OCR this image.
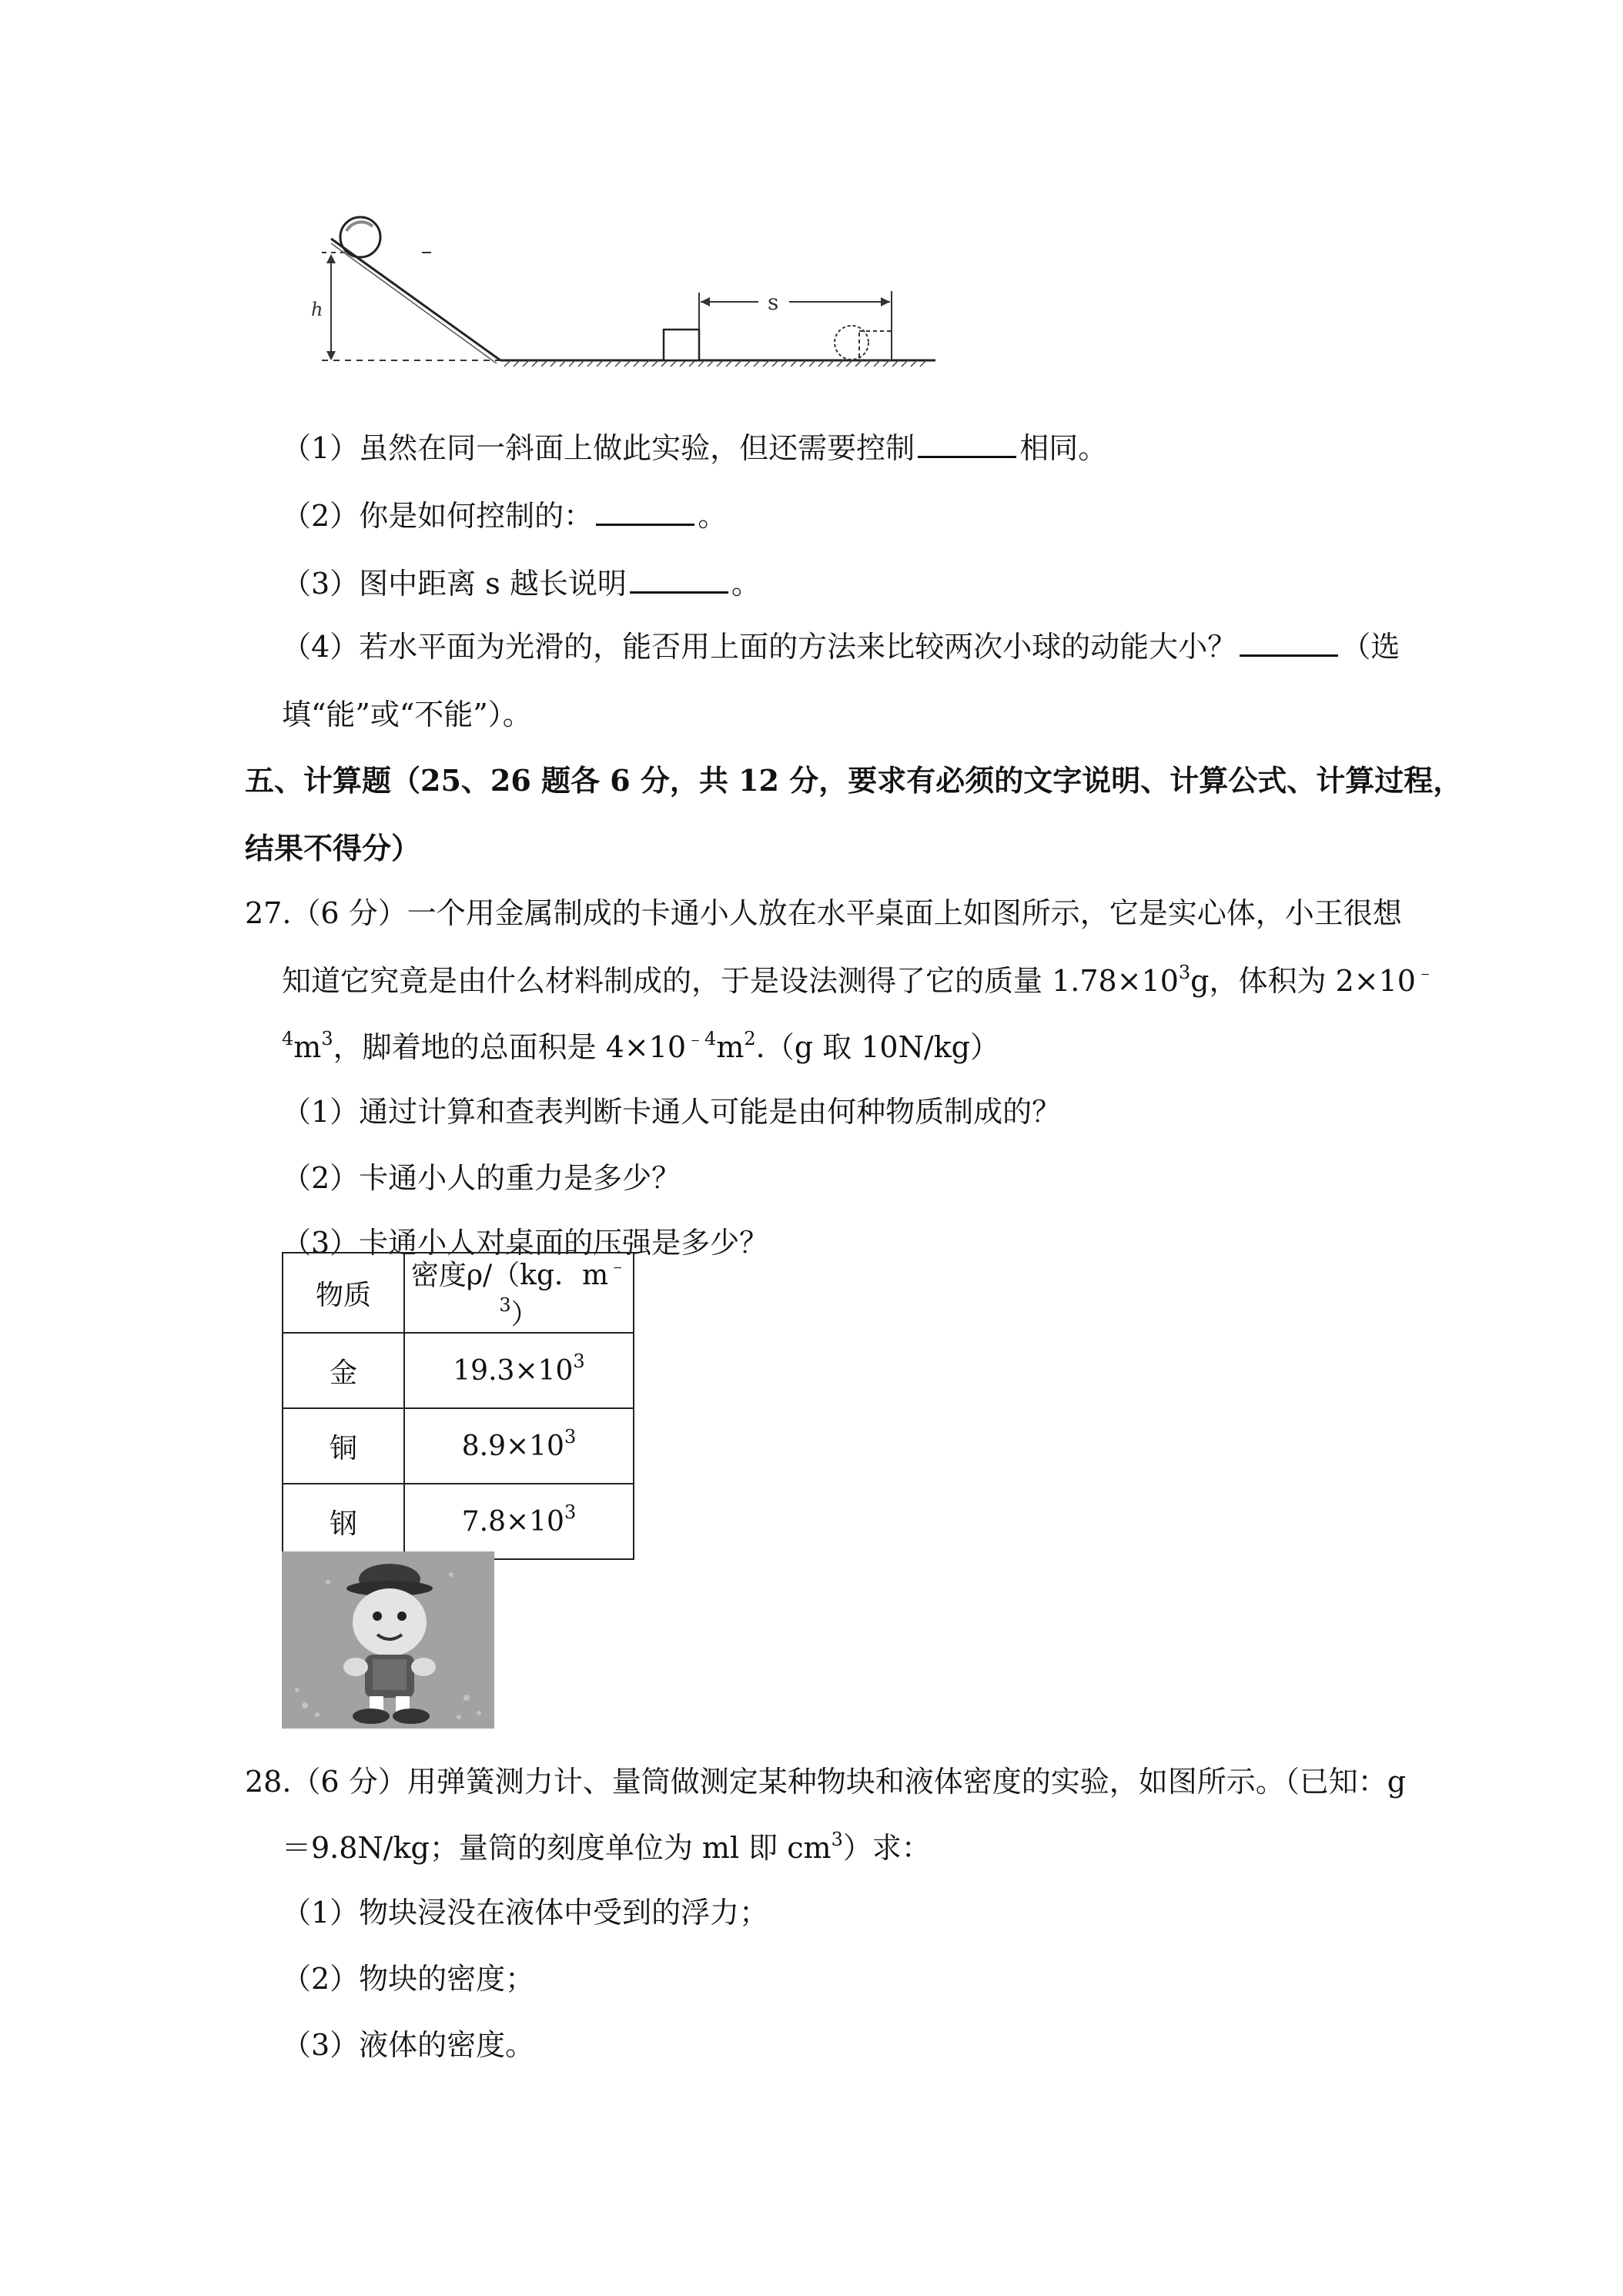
h	s
（1）虽然在同一斜面上做此实验，但还需要控制	相同。
（2）你是如何控制的：	。
（3）图中距离 s 越长说明	。
（4）若水平面为光滑的，能否用上面的方法来比较两次小球的动能大小？	（选
填“能”或“不能”）。
五、计算题（25、26 题各 6 分，共 12 分，要求有必须的文字说明、计算公式、计算过程，
结果不得分）
27.（6 分）一个用金属制成的卡通小人放在水平桌面上如图所示，它是实心体，小王很想
知道它究竟是由什么材料制成的，于是设法测得了它的质量 $1.78\times 10^3g$，体积为 2×10﹣
$^4m^3$，脚着地的总面积是 $4\times 10^{﹣4}m^2.(g$ 取 10N/kg）
（1）通过计算和查表判断卡通人可能是由何种物质制成的？
（2）卡通小人的重力是多少？
（3）卡通小人对桌面的压强是多少？
物质	密度ρ/（kg．$m^{﹣3}$）
金	$19.3\times 10^3$
铜	$8.9\times 10^3$
钢	$7.8\times 10^3$
28.（6 分）用弹簧测力计、量筒做测定某种物块和液体密度的实验，如图所示。（已知：g
＝9.8N/kg；量筒的刻度单位为 ml 即 $cm^3$）求：
（1）物块浸没在液体中受到的浮力；
（2）物块的密度；
（3）液体的密度。
